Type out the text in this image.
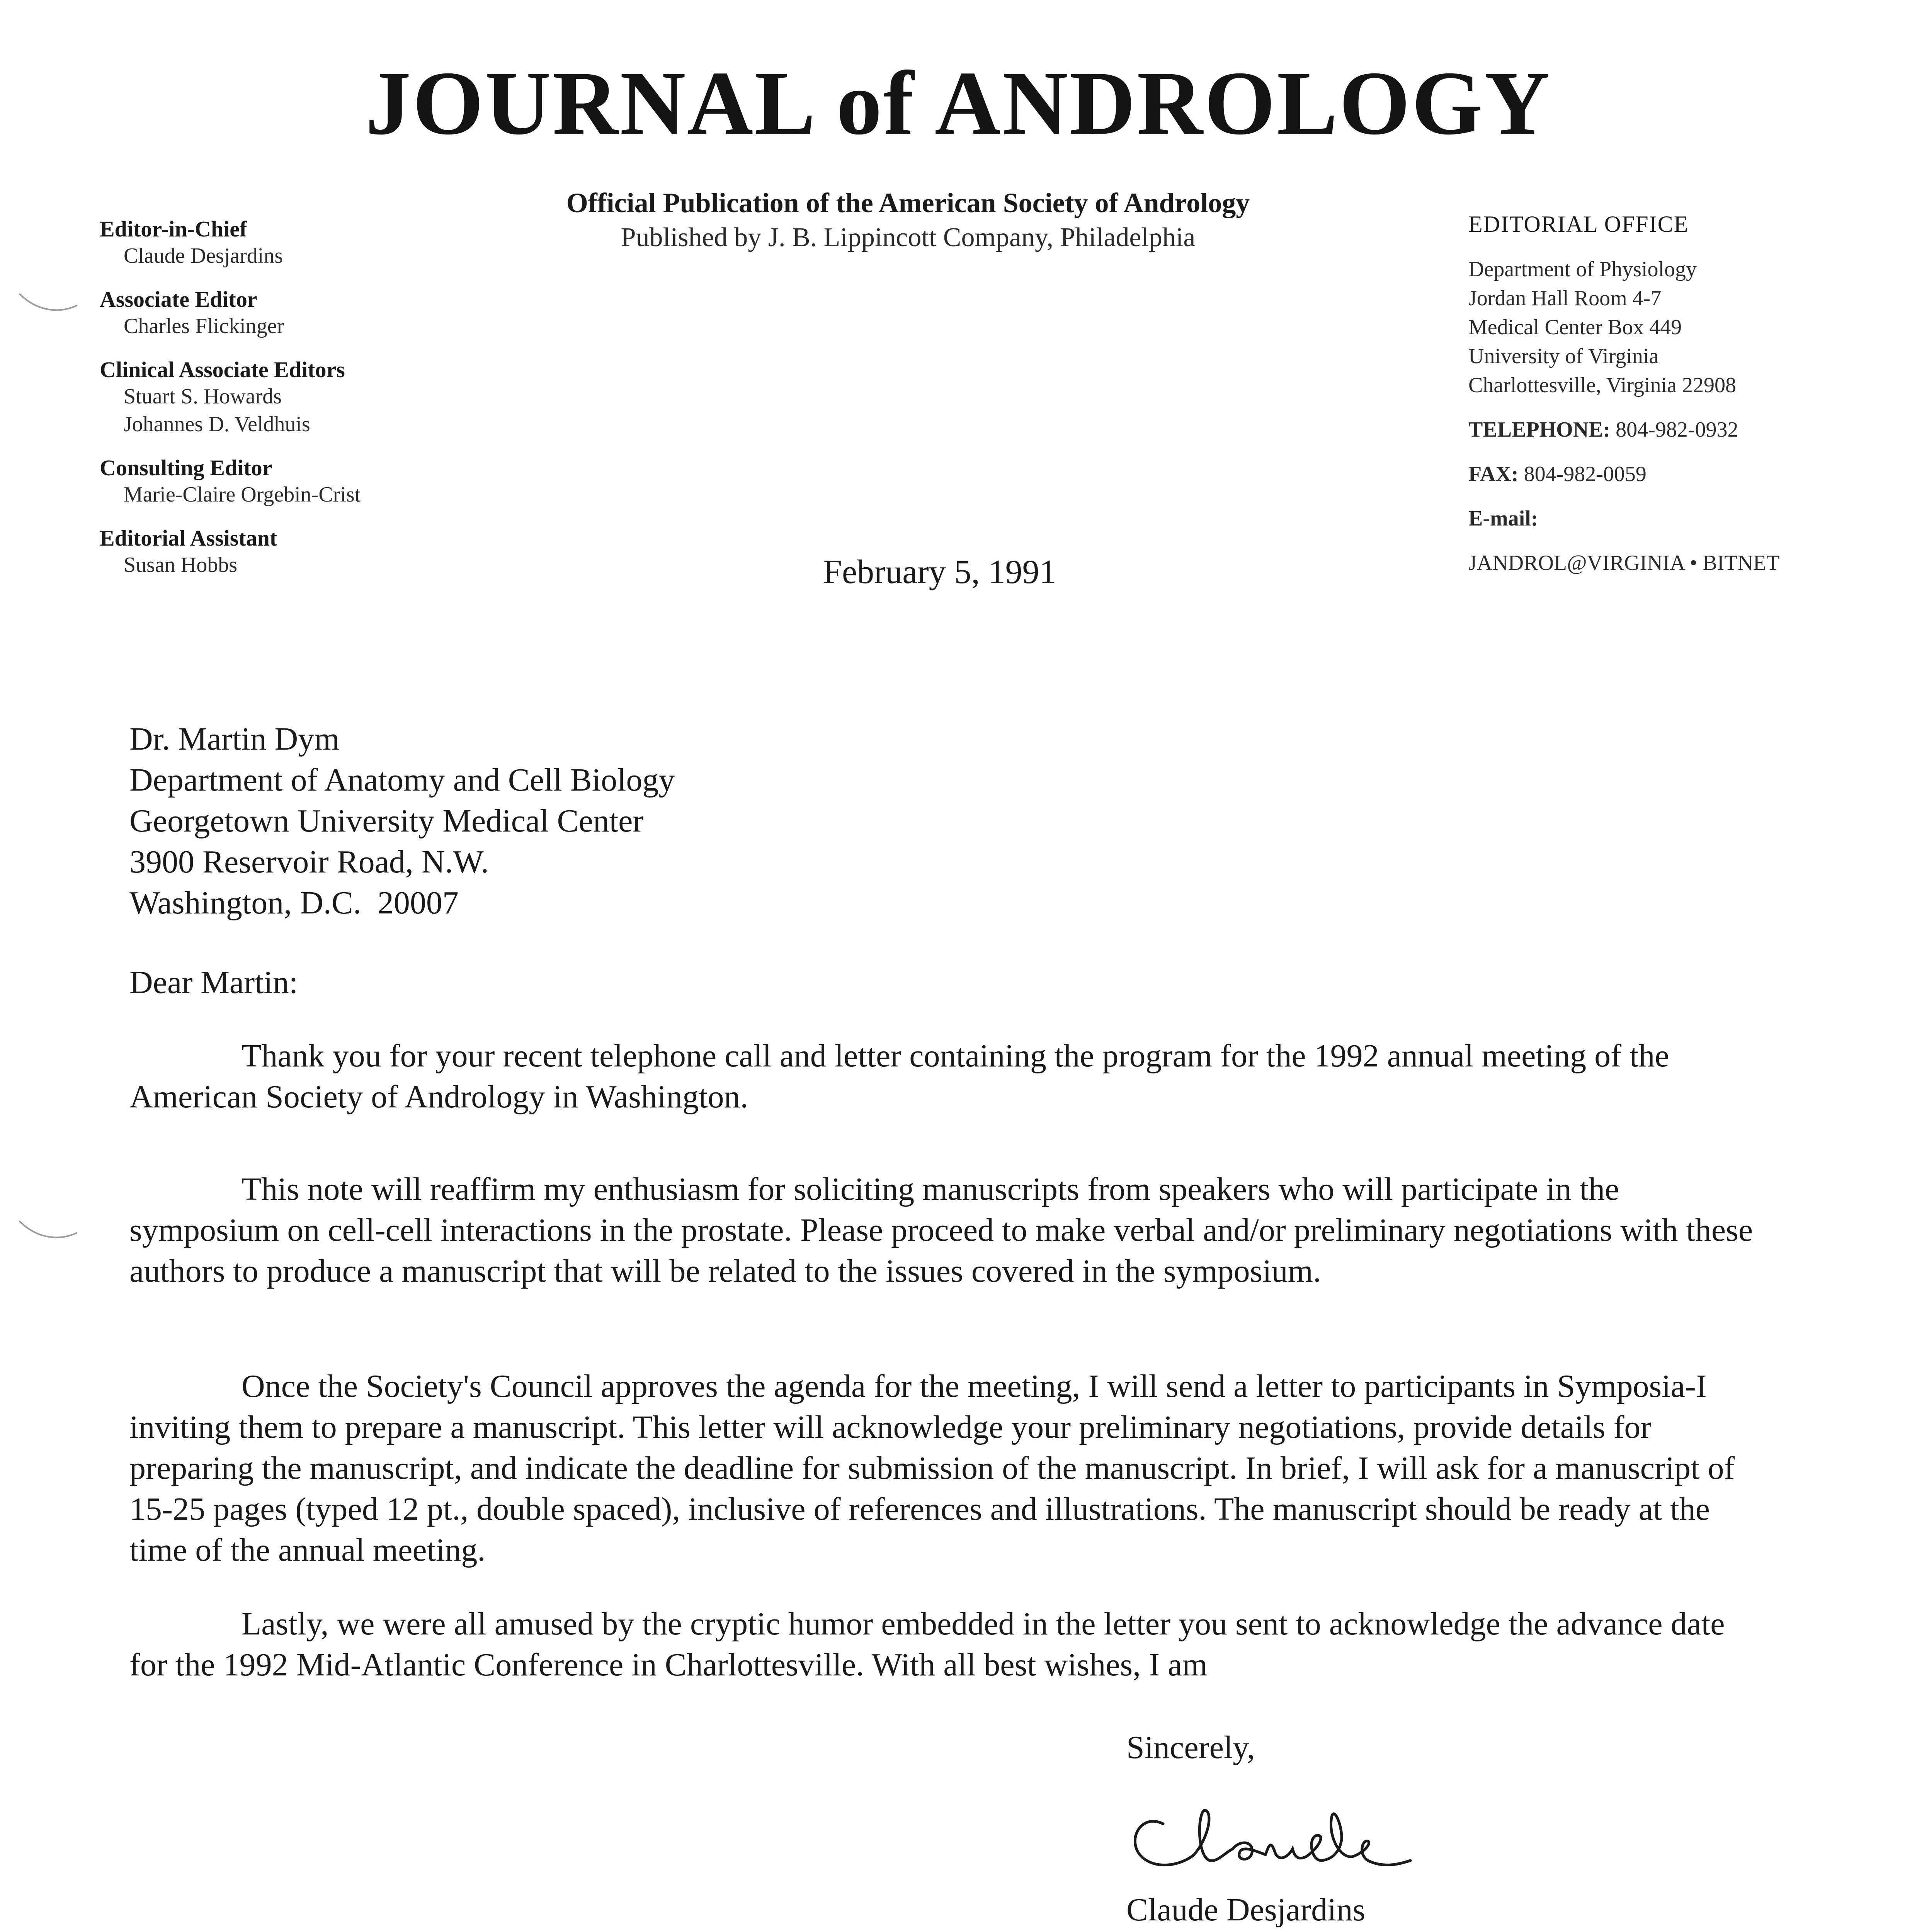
JOURNAL of ANDROLOGY
Editor-in-Chief
Claude Desjardins
Associate Editor
Charles Flickinger
Clinical Associate Editors
Stuart S. Howards
Johannes D. Veldhuis
Consulting Editor
Marie-Claire Orgebin-Crist
Editorial Assistant
Susan Hobbs
Official Publication of the American Society of Andrology
Published by J. B. Lippincott Company, Philadelphia	EDITORIAL OFFICE
Department of Physiology
Jordan Hall Room 4-7
Medical Center Box 449
University of Virginia
Charlottesville, Virginia 22908
TELEPHONE: 804-982-0932
FAX: 804-982-0059
E-mail:
JANDROL@VIRGINIA • BITNET
February 5, 1991
Dr. Martin Dym
Department of Anatomy and Cell Biology
Georgetown University Medical Center
3900 Reservoir Road, N.W.
Washington, D.C.  20007
Dear Martin:
Thank you for your recent telephone call and letter containing the program for the 1992 annual meeting of the American Society of Andrology in Washington.
This note will reaffirm my enthusiasm for soliciting manuscripts from speakers who will participate in the symposium on cell-cell interactions in the prostate. Please proceed to make verbal and/or preliminary negotiations with these authors to produce a manuscript that will be related to the issues covered in the symposium.
Once the Society's Council approves the agenda for the meeting, I will send a letter to participants in Symposia-I inviting them to prepare a manuscript. This letter will acknowledge your preliminary negotiations, provide details for preparing the manuscript, and indicate the deadline for submission of the manuscript. In brief, I will ask for a manuscript of 15-25 pages (typed 12 pt., double spaced), inclusive of references and illustrations. The manuscript should be ready at the time of the annual meeting.
Lastly, we were all amused by the cryptic humor embedded in the letter you sent to acknowledge the advance date for the 1992 Mid-Atlantic Conference in Charlottesville. With all best wishes, I am
Sincerely,
Claude Desjardins
